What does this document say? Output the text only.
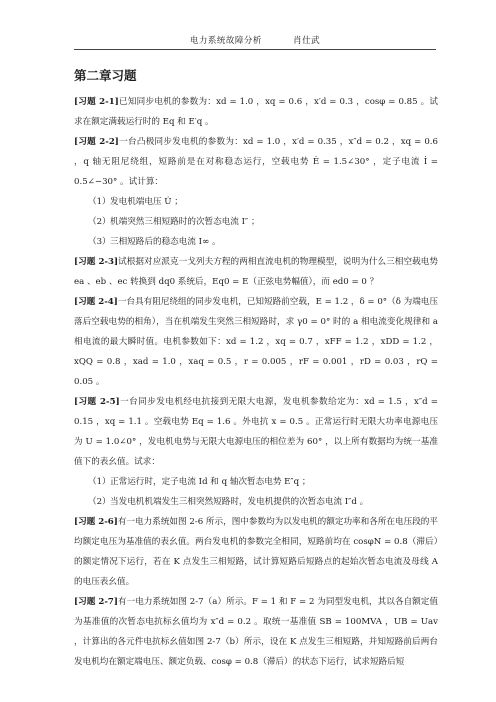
电力系统故障分析	肖仕武
第二章习题

[习题 2-1]已知同步电机的参数为：xd = 1.0 ，xq = 0.6 ，x′d = 0.3 ，cosφ = 0.85 。试求在额定满载运行时的 Eq 和 E′q 。

[习题 2-2]一台凸极同步发电机的参数为：xd = 1.0 ，x′d = 0.35 ，x″d = 0.2 ，xq = 0.6 ，q 轴无阻尼绕组，短路前是在对称稳态运行，空载电势 Ė = 1.5∠30° ，定子电流 İ = 0.5∠−30° 。试计算：

（1）发电机端电压 U̇ ；

（2）机端突然三相短路时的次暂态电流 I″ ；

（3）三相短路后的稳态电流 I∞ 。

[习题 2-3]试根据对应派克一戈列夫方程的两相直流电机的物理模型，说明为什么三相空载电势 ea 、eb 、ec 转换到 dq0 系统后，Eq0 = E（正弦电势幅值），而 ed0 = 0 ？

[习题 2-4]一台具有阻尼绕组的同步发电机，已知短路前空载，E = 1.2 ，δ = 0°（δ 为端电压落后空载电势的相角），当在机端发生突然三相短路时，求 γ0 = 0° 时的 a 相电流变化规律和 a 相电流的最大瞬时值。电机参数如下：xd = 1.2 ，xq = 0.7 ，xFF = 1.2 ，xDD = 1.2 ，xQQ = 0.8 ，xad = 1.0 ，xaq = 0.5 ，r = 0.005 ，rF = 0.001 ，rD = 0.03 ，rQ = 0.05 。

[习题 2-5]一台同步发电机经电抗接到无限大电源，发电机参数给定为：xd = 1.5 ，x″d = 0.15 ，xq = 1.1 。空载电势 Eq = 1.6 。外电抗 x = 0.5 。正常运行时无限大功率电源电压为 U = 1.0∠0° ，发电机电势与无限大电源电压的相位差为 60° ，以上所有数据均为统一基准值下的表幺值。试求：

（1）正常运行时，定子电流 Id 和 q 轴次暂态电势 E″q ；

（2）当发电机机端发生三相突然短路时，发电机提供的次暂态电流 I″d 。

[习题 2-6]有一电力系统如图 2-6 所示，图中参数均为以发电机的额定功率和各所在电压段的平均额定电压为基准值的表幺值。两台发电机的参数完全相同，短路前均在 cosφN = 0.8（滞后）的额定情况下运行，若在 K 点发生三相短路，试计算短路后短路点的起始次暂态电流及母线 A 的电压表幺值。

[习题 2-7]有一电力系统如图 2-7（a）所示。F = 1 和 F = 2 为同型发电机，其以各自额定值为基准值的次暂态电抗标幺值均为 x″d = 0.2 。取统一基准值 SB = 100MVA ，UB = Uav ，计算出的各元件电抗标幺值如图 2-7（b）所示，设在 K 点发生三相短路，并知短路前后两台发电机均在额定端电压、额定负载、cosφ = 0.8（滞后）的状态下运行，试求短路后短
